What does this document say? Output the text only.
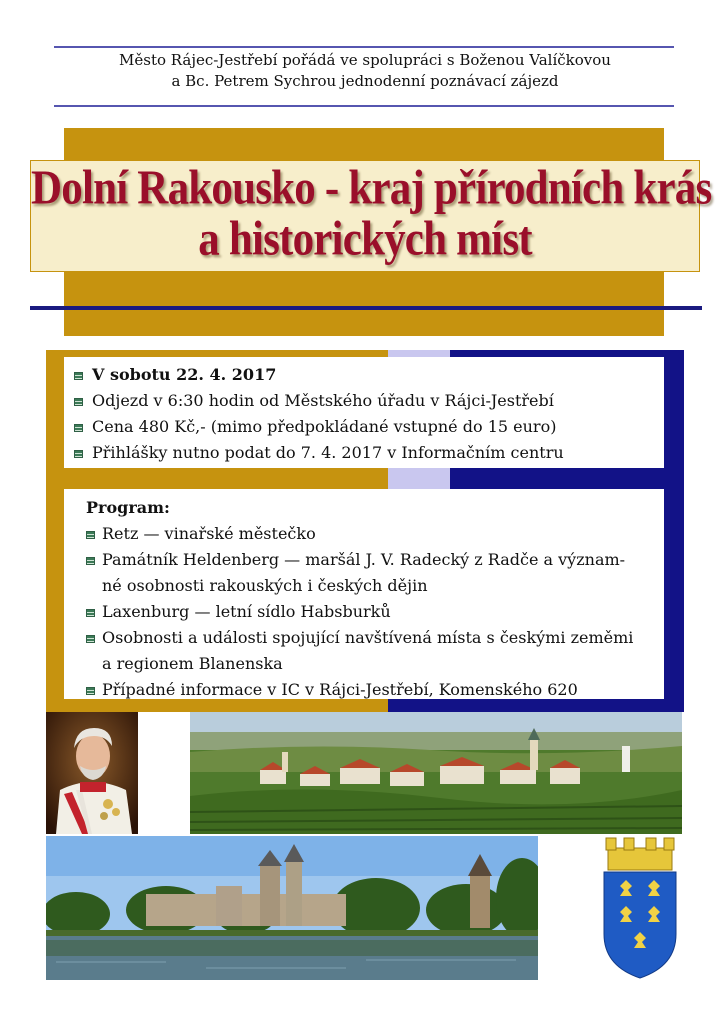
Město Rájec-Jestřebí pořádá ve spolupráci s Boženou Valíčkovou
a Bc. Petrem Sychrou jednodenní poznávací zájezd
Dolní Rakousko - kraj přírodních krás
a historických míst
V sobotu 22. 4. 2017
Odjezd v 6:30 hodin od Městského úřadu v Rájci-Jestřebí
Cena 480 Kč,- (mimo předpokládané vstupné do 15 euro)
Přihlášky nutno podat do 7. 4. 2017 v Informačním centru
Program:
Retz — vinařské městečko
Památník Heldenberg — maršál J. V. Radecký z Radče a význam-
né osobnosti rakouských i českých dějin
Laxenburg — letní sídlo Habsburků
Osobnosti a události spojující navštívená místa s českými zeměmi
a regionem Blanenska
Případné informace v IC v Rájci-Jestřebí, Komenského 620
